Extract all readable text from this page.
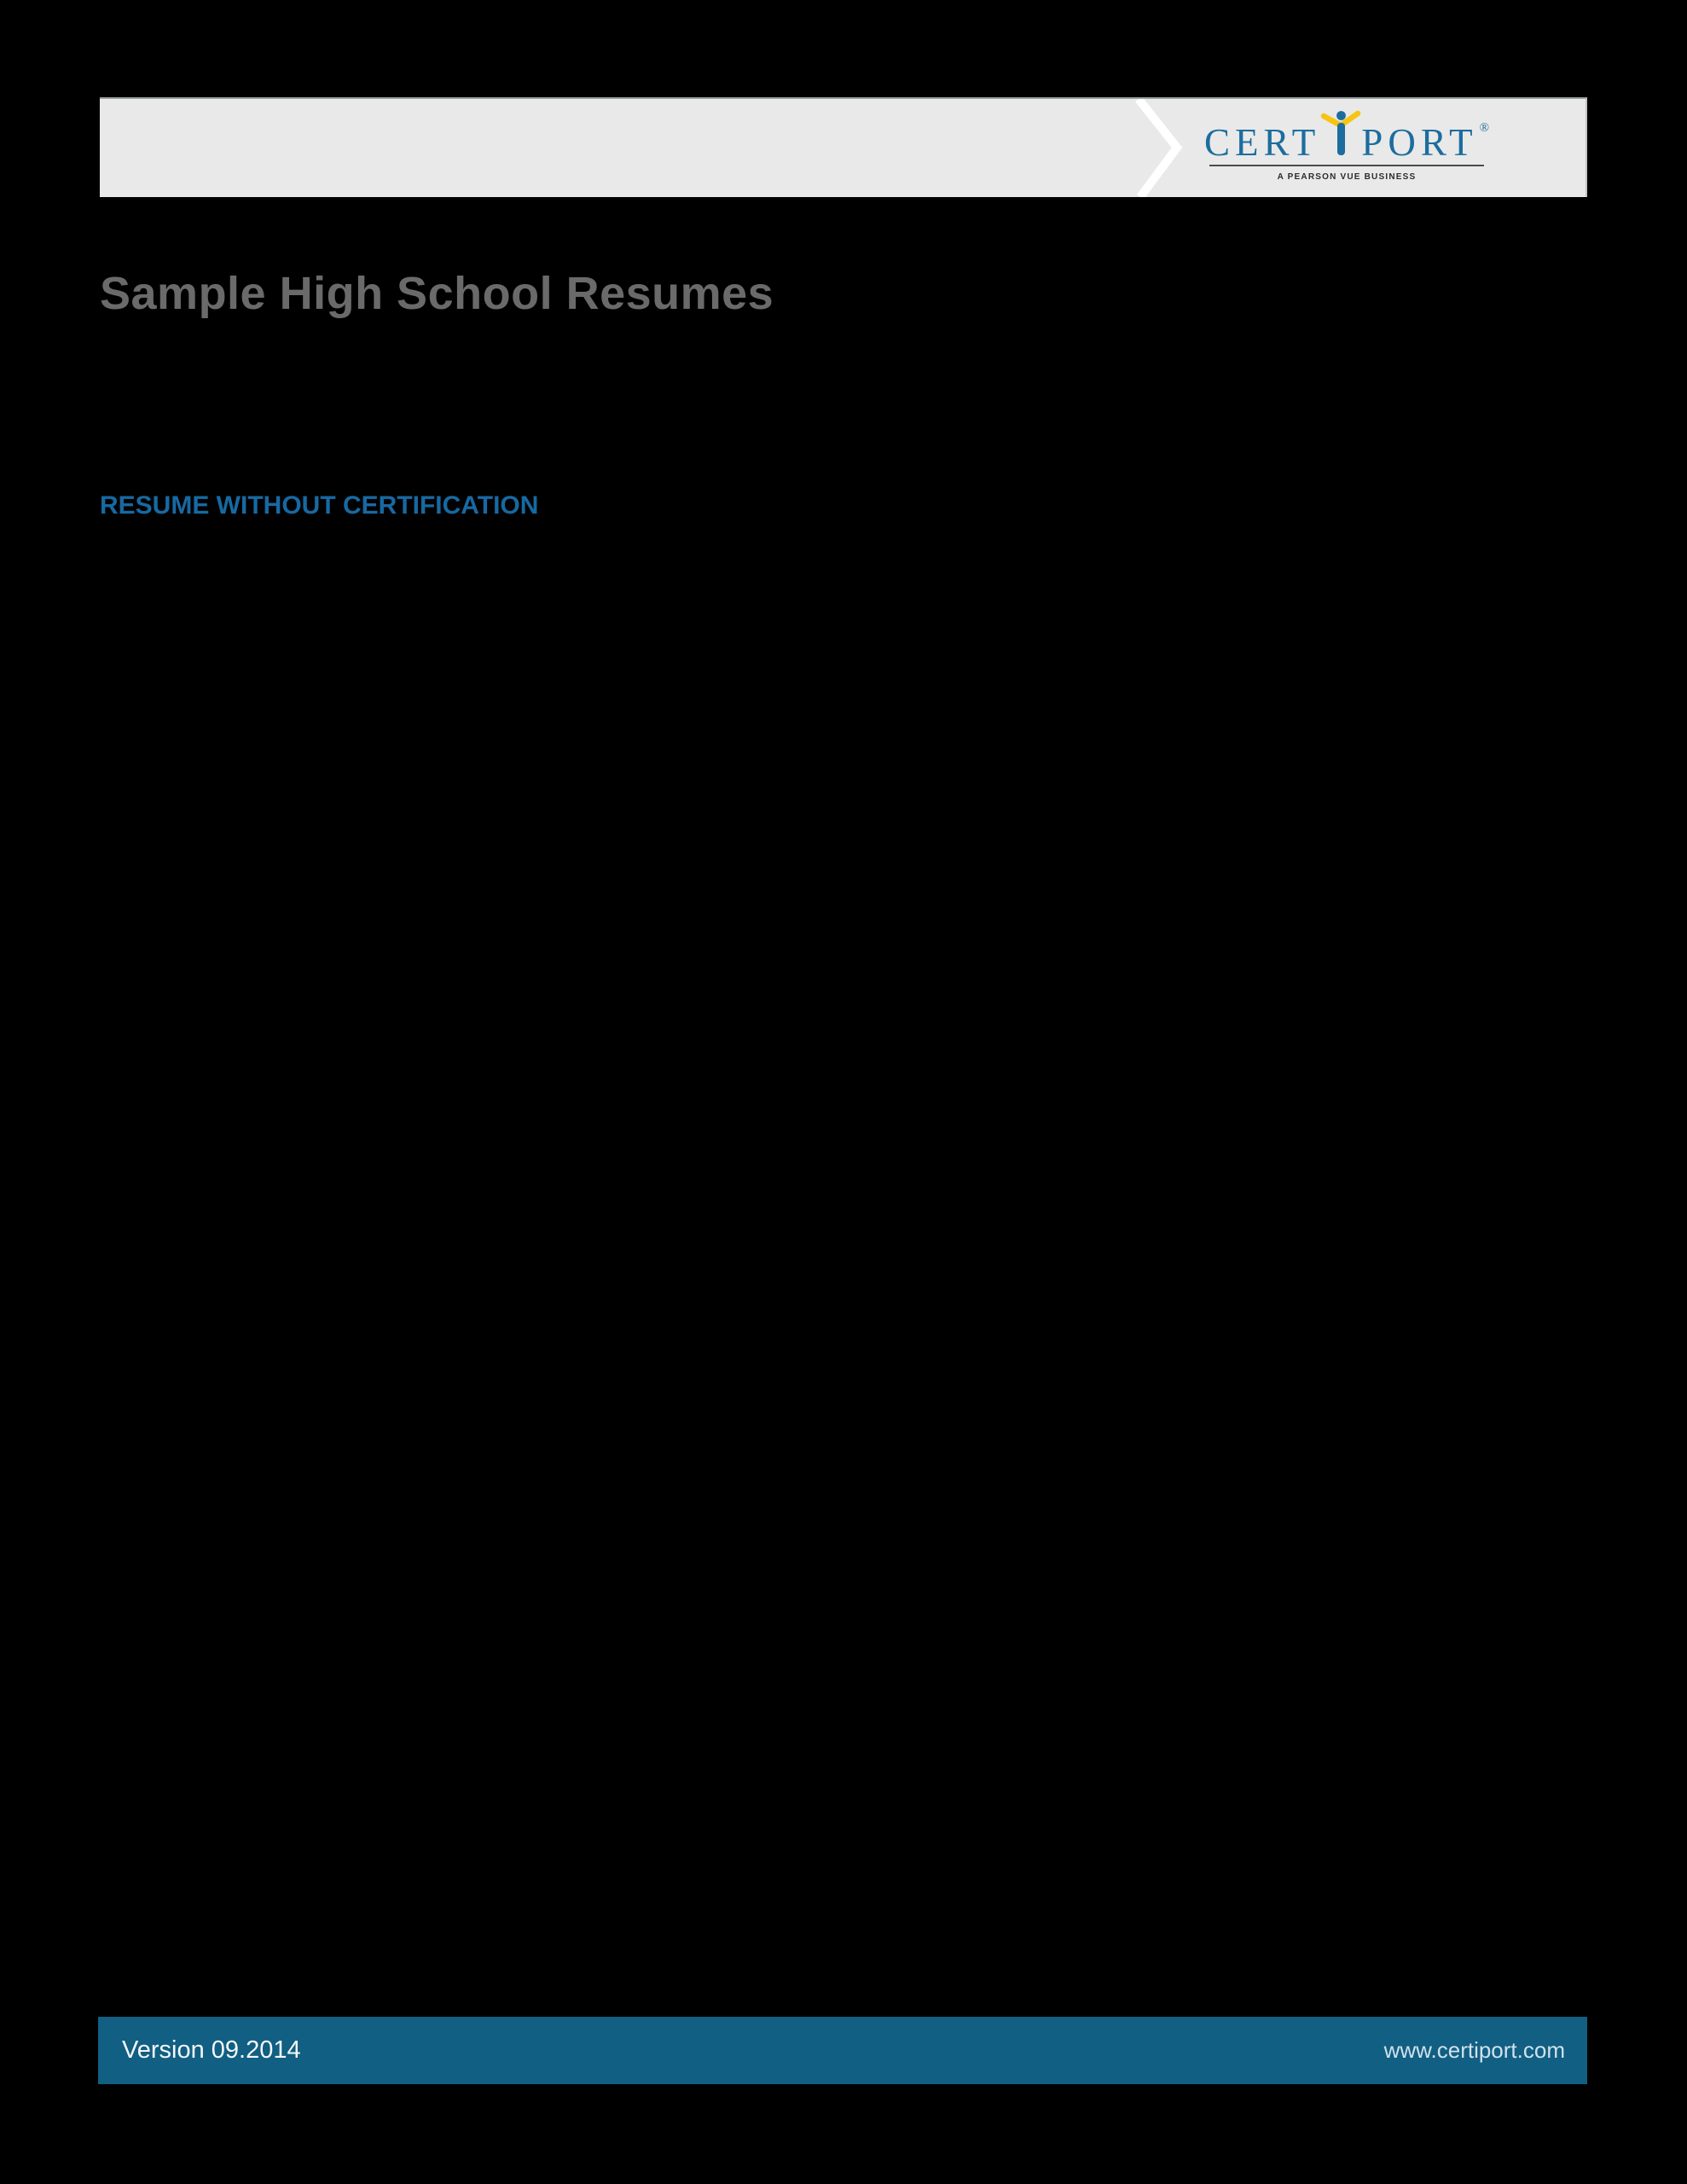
CERT PORT ®
A PEARSON VUE BUSINESS
Sample High School Resumes
RESUME WITHOUT CERTIFICATION
Version 09.2014	www.certiport.com
